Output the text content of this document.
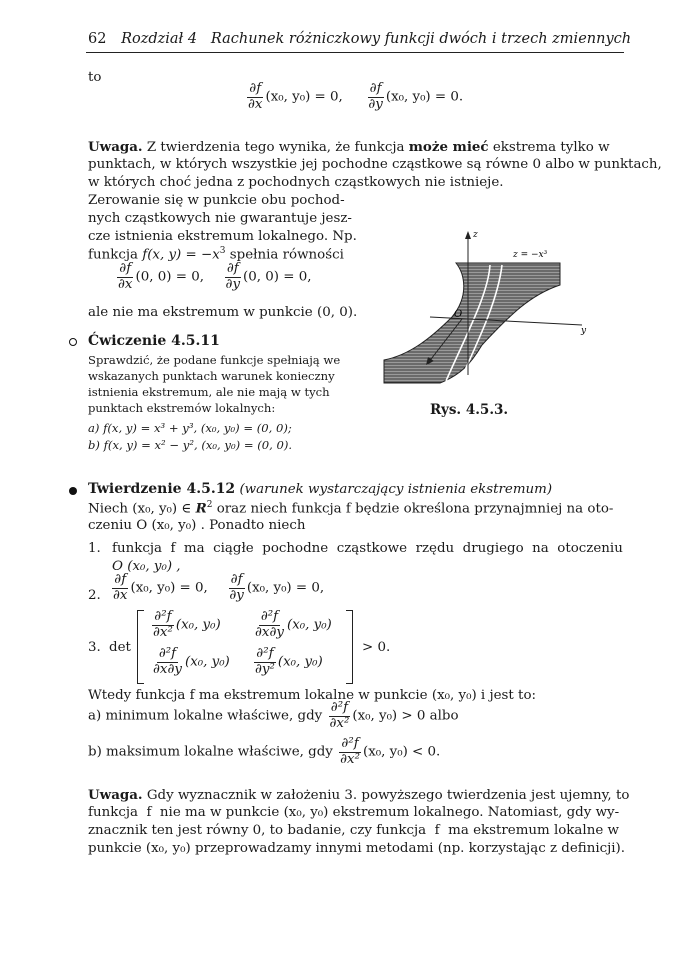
62 Rozdział 4   Rachunek różniczkowy funkcji dwóch i trzech zmiennych
to
$\frac{\partial f}{\partial x} (x_0$, y₀) = 0, $\frac{\partial f}{\partial y} (x_0$, y₀) = 0.
Uwaga. Z twierdzenia tego wynika, że funkcja może mieć ekstrema tylko w
punktach, w których wszystkie jej pochodne cząstkowe są równe 0 albo w punktach,
w których choć jedna z pochodnych cząstkowych nie istnieje.
Zerowanie się w punkcie obu pochod-
nych cząstkowych nie gwarantuje jesz-
cze istnienia ekstremum lokalnego. Np.
funkcja f(x, $y) = -x^3$ spełnia równości
$\frac{\partial f}{\partial x} (0$, 0) = 0, $\frac{\partial f}{\partial y} (0$, 0) = 0,
ale nie ma ekstremum w punkcie (0, 0).
z
y
O
z = −x³
Rys. 4.5.3.
Ćwiczenie 4.5.11
Sprawdzić, że podane funkcje spełniają we
wskazanych punktach warunek konieczny
istnienia ekstremum, ale nie mają w tych
punktach ekstremów lokalnych:
a) f(x, y) = x³ + y³, (x₀, y₀) = (0, 0);
b) f(x, y) = x² − y², (x₀, y₀) = (0, 0).
Twierdzenie 4.5.12 (warunek wystarczający istnienia ekstremum)
Niech (x₀, y₀) ∈ $R^2$ oraz niech funkcja f będzie określona przynajmniej na oto-
czeniu O (x₀, y₀) . Ponadto niech
1. funkcja  f  ma  ciągłe  pochodne  cząstkowe  rzędu  drugiego  na  otoczeniu
O (x₀, y₀) ,
2. $\frac{\partial f}{\partial x} (x_0$, y₀) = 0, $\frac{\partial f}{\partial y} (x_0$, y₀) = 0,
3. det
$\frac{\text{∂²f}}{\text{∂x²}} (x_0$, $y_0) \frac{\text{∂²f}}{\partial x\partial y} (x_0$, y₀)
$\frac{\text{∂²f}}{\partial x\partial y} (x_0$, $y_0) \frac{\text{∂²f}}{\text{∂y²}} (x_0$, y₀)
> 0.
Wtedy funkcja f ma ekstremum lokalne w punkcie (x₀, y₀) i jest to:
a) minimum lokalne właściwe, gdy $\frac{\text{∂²f}}{\text{∂x²}} (x_0$, y₀) > 0 albo
b) maksimum lokalne właściwe, gdy $\frac{\text{∂²f}}{\text{∂x²}} (x_0$, y₀) < 0.
Uwaga. Gdy wyznacznik w założeniu 3. powyższego twierdzenia jest ujemny, to
funkcja  f  nie ma w punkcie (x₀, y₀) ekstremum lokalnego. Natomiast, gdy wy-
znacznik ten jest równy 0, to badanie, czy funkcja  f  ma ekstremum lokalne w
punkcie (x₀, y₀) przeprowadzamy innymi metodami (np. korzystając z definicji).
